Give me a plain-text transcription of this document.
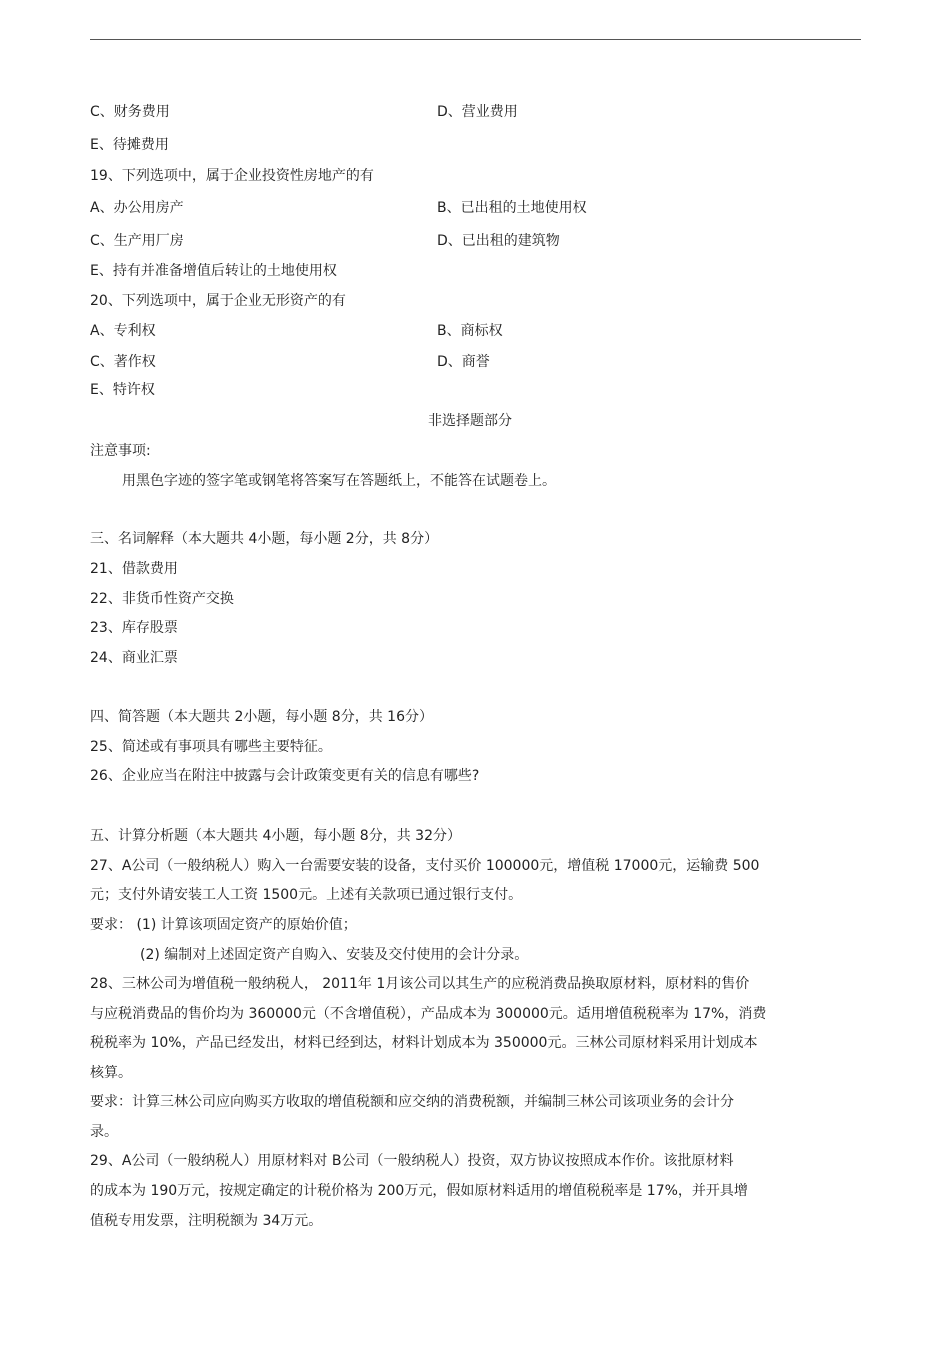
C、财务费用	D、营业费用
E、待摊费用
19、下列选项中，属于企业投资性房地产的有
A、办公用房产	B、已出租的土地使用权
C、生产用厂房	D、已出租的建筑物
E、持有并准备增值后转让的土地使用权
20、下列选项中，属于企业无形资产的有
A、专利权	B、商标权
C、著作权	D、商誉
E、特许权
非选择题部分
注意事项:
用黑色字迹的签字笔或钢笔将答案写在答题纸上，不能答在试题卷上。
三、名词解释（本大题共 4小题，每小题 2分，共 8分）
21、借款费用
22、非货币性资产交换
23、库存股票
24、商业汇票
四、简答题（本大题共 2小题，每小题 8分，共 16分）
25、简述或有事项具有哪些主要特征。
26、企业应当在附注中披露与会计政策变更有关的信息有哪些?
五、计算分析题（本大题共 4小题，每小题 8分，共 32分）
27、A公司（一般纳税人）购入一台需要安装的设备，支付买价 100000元，增值税 17000元，运输费 500
元；支付外请安装工人工资 1500元。上述有关款项已通过银行支付。
要求： (1) 计算该项固定资产的原始价值；
(2) 编制对上述固定资产自购入、安装及交付使用的会计分录。
28、三林公司为增值税一般纳税人， 2011年 1月该公司以其生产的应税消费品换取原材料，原材料的售价
与应税消费品的售价均为 360000元（不含增值税），产品成本为 300000元。适用增值税税率为 17%，消费
税税率为 10%，产品已经发出，材料已经到达，材料计划成本为 350000元。三林公司原材料采用计划成本
核算。
要求：计算三林公司应向购买方收取的增值税额和应交纳的消费税额，并编制三林公司该项业务的会计分
录。
29、A公司（一般纳税人）用原材料对 B公司（一般纳税人）投资，双方协议按照成本作价。该批原材料
的成本为 190万元，按规定确定的计税价格为 200万元，假如原材料适用的增值税税率是 17%，并开具增
值税专用发票，注明税额为 34万元。
